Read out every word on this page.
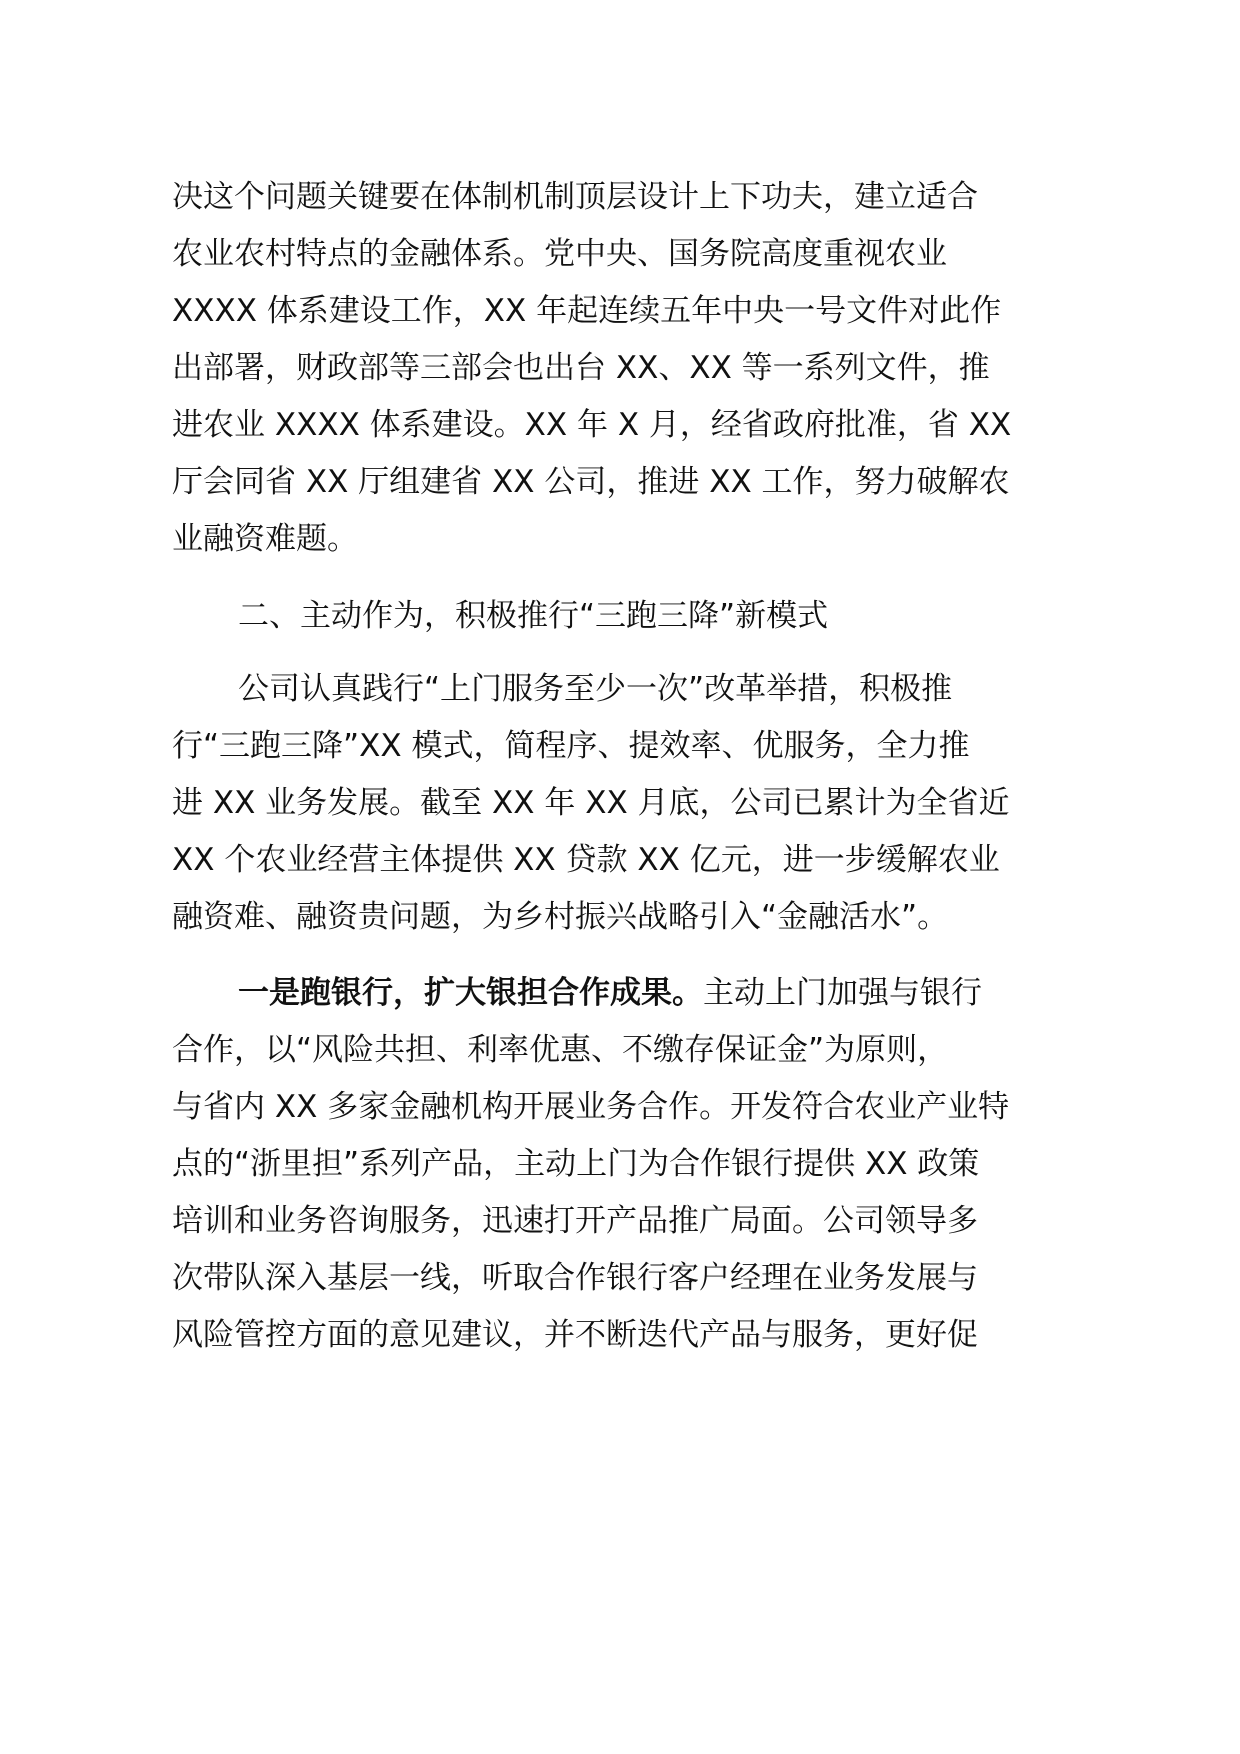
决这个问题关键要在体制机制顶层设计上下功夫，建立适合
农业农村特点的金融体系。党中央、国务院高度重视农业
XXXX 体系建设工作，XX 年起连续五年中央一号文件对此作
出部署，财政部等三部会也出台 XX、XX 等一系列文件，推
进农业 XXXX 体系建设。XX 年 X 月，经省政府批准，省 XX
厅会同省 XX 厅组建省 XX 公司，推进 XX 工作，努力破解农
业融资难题。
二、主动作为，积极推行“三跑三降”新模式
公司认真践行“上门服务至少一次”改革举措，积极推
行“三跑三降”XX 模式，简程序、提效率、优服务，全力推
进 XX 业务发展。截至 XX 年 XX 月底，公司已累计为全省近
XX 个农业经营主体提供 XX 贷款 XX 亿元，进一步缓解农业
融资难、融资贵问题，为乡村振兴战略引入“金融活水”。
一是跑银行，扩大银担合作成果。主动上门加强与银行
合作，以“风险共担、利率优惠、不缴存保证金”为原则，
与省内 XX 多家金融机构开展业务合作。开发符合农业产业特
点的“浙里担”系列产品，主动上门为合作银行提供 XX 政策
培训和业务咨询服务，迅速打开产品推广局面。公司领导多
次带队深入基层一线，听取合作银行客户经理在业务发展与
风险管控方面的意见建议，并不断迭代产品与服务，更好促
